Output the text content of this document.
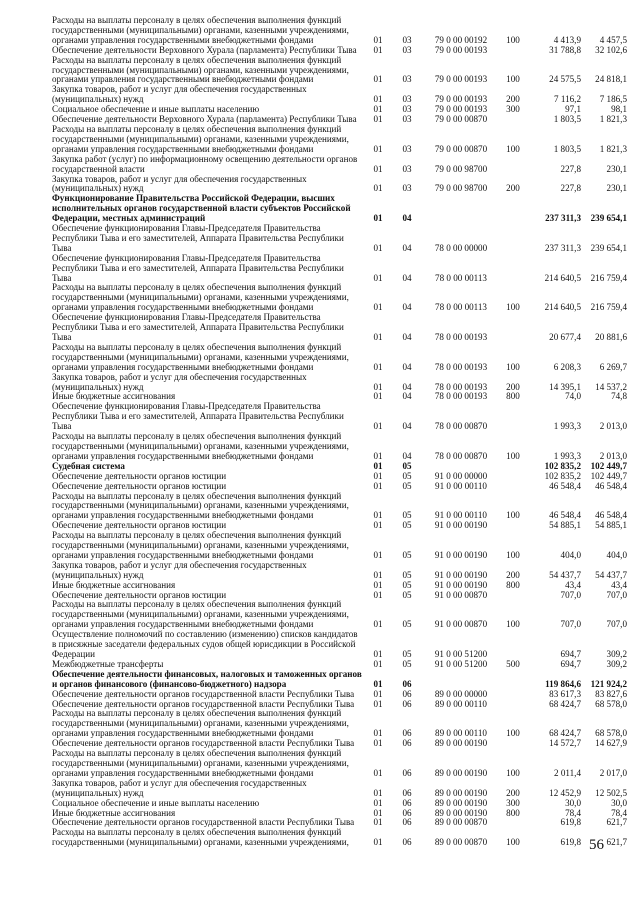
Расходы на выплаты персоналу в целях обеспечения выполнения функций государственными (муниципальными) органами, казенными учреждениями, органами управления государственными внебюджетными фондами	01	03	79 0 00 00192	100	4 413,9	4 457,5
Обеспечение деятельности Верховного Хурала (парламента) Республики Тыва	01	03	79 0 00 00193		31 788,8	32 102,6
Расходы на выплаты персоналу в целях обеспечения выполнения функций государственными (муниципальными) органами, казенными учреждениями, органами управления государственными внебюджетными фондами	01	03	79 0 00 00193	100	24 575,5	24 818,1
Закупка товаров, работ и услуг для обеспечения государственных (муниципальных) нужд	01	03	79 0 00 00193	200	7 116,2	7 186,5
Социальное обеспечение и иные выплаты населению	01	03	79 0 00 00193	300	97,1	98,1
Обеспечение деятельности Верховного Хурала (парламента) Республики Тыва	01	03	79 0 00 00870		1 803,5	1 821,3
Расходы на выплаты персоналу в целях обеспечения выполнения функций государственными (муниципальными) органами, казенными учреждениями, органами управления государственными внебюджетными фондами	01	03	79 0 00 00870	100	1 803,5	1 821,3
Закупка работ (услуг) по информационному освещению деятельности органов государственной власти	01	03	79 0 00 98700		227,8	230,1
Закупка товаров, работ и услуг для обеспечения государственных (муниципальных) нужд	01	03	79 0 00 98700	200	227,8	230,1
Функционирование Правительства Российской Федерации, высших исполнительных органов государственной власти субъектов Российской Федерации, местных администраций	01	04			237 311,3	239 654,1
Обеспечение функционирования Главы-Председателя Правительства Республики Тыва и его заместителей, Аппарата Правительства Республики Тыва	01	04	78 0 00 00000		237 311,3	239 654,1
Обеспечение функционирования Главы-Председателя Правительства Республики Тыва и его заместителей, Аппарата Правительства Республики Тыва	01	04	78 0 00 00113		214 640,5	216 759,4
Расходы на выплаты персоналу в целях обеспечения выполнения функций государственными (муниципальными) органами, казенными учреждениями, органами управления государственными внебюджетными фондами	01	04	78 0 00 00113	100	214 640,5	216 759,4
Обеспечение функционирования Главы-Председателя Правительства Республики Тыва и его заместителей, Аппарата Правительства Республики Тыва	01	04	78 0 00 00193		20 677,4	20 881,6
Расходы на выплаты персоналу в целях обеспечения выполнения функций государственными (муниципальными) органами, казенными учреждениями, органами управления государственными внебюджетными фондами	01	04	78 0 00 00193	100	6 208,3	6 269,7
Закупка товаров, работ и услуг для обеспечения государственных (муниципальных) нужд	01	04	78 0 00 00193	200	14 395,1	14 537,2
Иные бюджетные ассигнования	01	04	78 0 00 00193	800	74,0	74,8
Обеспечение функционирования Главы-Председателя Правительства Республики Тыва и его заместителей, Аппарата Правительства Республики Тыва	01	04	78 0 00 00870		1 993,3	2 013,0
Расходы на выплаты персоналу в целях обеспечения выполнения функций государственными (муниципальными) органами, казенными учреждениями, органами управления государственными внебюджетными фондами	01	04	78 0 00 00870	100	1 993,3	2 013,0
Судебная система	01	05			102 835,2	102 449,7
Обеспечение деятельности органов юстиции	01	05	91 0 00 00000		102 835,2	102 449,7
Обеспечение деятельности органов юстиции	01	05	91 0 00 00110		46 548,4	46 548,4
Расходы на выплаты персоналу в целях обеспечения выполнения функций государственными (муниципальными) органами, казенными учреждениями, органами управления государственными внебюджетными фондами	01	05	91 0 00 00110	100	46 548,4	46 548,4
Обеспечение деятельности органов юстиции	01	05	91 0 00 00190		54 885,1	54 885,1
Расходы на выплаты персоналу в целях обеспечения выполнения функций государственными (муниципальными) органами, казенными учреждениями, органами управления государственными внебюджетными фондами	01	05	91 0 00 00190	100	404,0	404,0
Закупка товаров, работ и услуг для обеспечения государственных (муниципальных) нужд	01	05	91 0 00 00190	200	54 437,7	54 437,7
Иные бюджетные ассигнования	01	05	91 0 00 00190	800	43,4	43,4
Обеспечение деятельности органов юстиции	01	05	91 0 00 00870		707,0	707,0
Расходы на выплаты персоналу в целях обеспечения выполнения функций государственными (муниципальными) органами, казенными учреждениями, органами управления государственными внебюджетными фондами	01	05	91 0 00 00870	100	707,0	707,0
Осуществление полномочий по составлению (изменению) списков кандидатов в присяжные заседатели федеральных судов общей юрисдикции в Российской Федерации	01	05	91 0 00 51200		694,7	309,2
Межбюджетные трансферты	01	05	91 0 00 51200	500	694,7	309,2
Обеспечение деятельности финансовых, налоговых и таможенных органов и органов финансового (финансово-бюджетного) надзора	01	06			119 864,6	121 924,2
Обеспечение деятельности органов государственной власти Республики Тыва	01	06	89 0 00 00000		83 617,3	83 827,6
Обеспечение деятельности органов государственной власти Республики Тыва	01	06	89 0 00 00110		68 424,7	68 578,0
Расходы на выплаты персоналу в целях обеспечения выполнения функций государственными (муниципальными) органами, казенными учреждениями, органами управления государственными внебюджетными фондами	01	06	89 0 00 00110	100	68 424,7	68 578,0
Обеспечение деятельности органов государственной власти Республики Тыва	01	06	89 0 00 00190		14 572,7	14 627,9
Расходы на выплаты персоналу в целях обеспечения выполнения функций государственными (муниципальными) органами, казенными учреждениями, органами управления государственными внебюджетными фондами	01	06	89 0 00 00190	100	2 011,4	2 017,0
Закупка товаров, работ и услуг для обеспечения государственных (муниципальных) нужд	01	06	89 0 00 00190	200	12 452,9	12 502,5
Социальное обеспечение и иные выплаты населению	01	06	89 0 00 00190	300	30,0	30,0
Иные бюджетные ассигнования	01	06	89 0 00 00190	800	78,4	78,4
Обеспечение деятельности органов государственной власти Республики Тыва	01	06	89 0 00 00870		619,8	621,7
Расходы на выплаты персоналу в целях обеспечения выполнения функций государственными (муниципальными) органами, казенными учреждениями,	01	06	89 0 00 00870	100	619,8	621,7
56
